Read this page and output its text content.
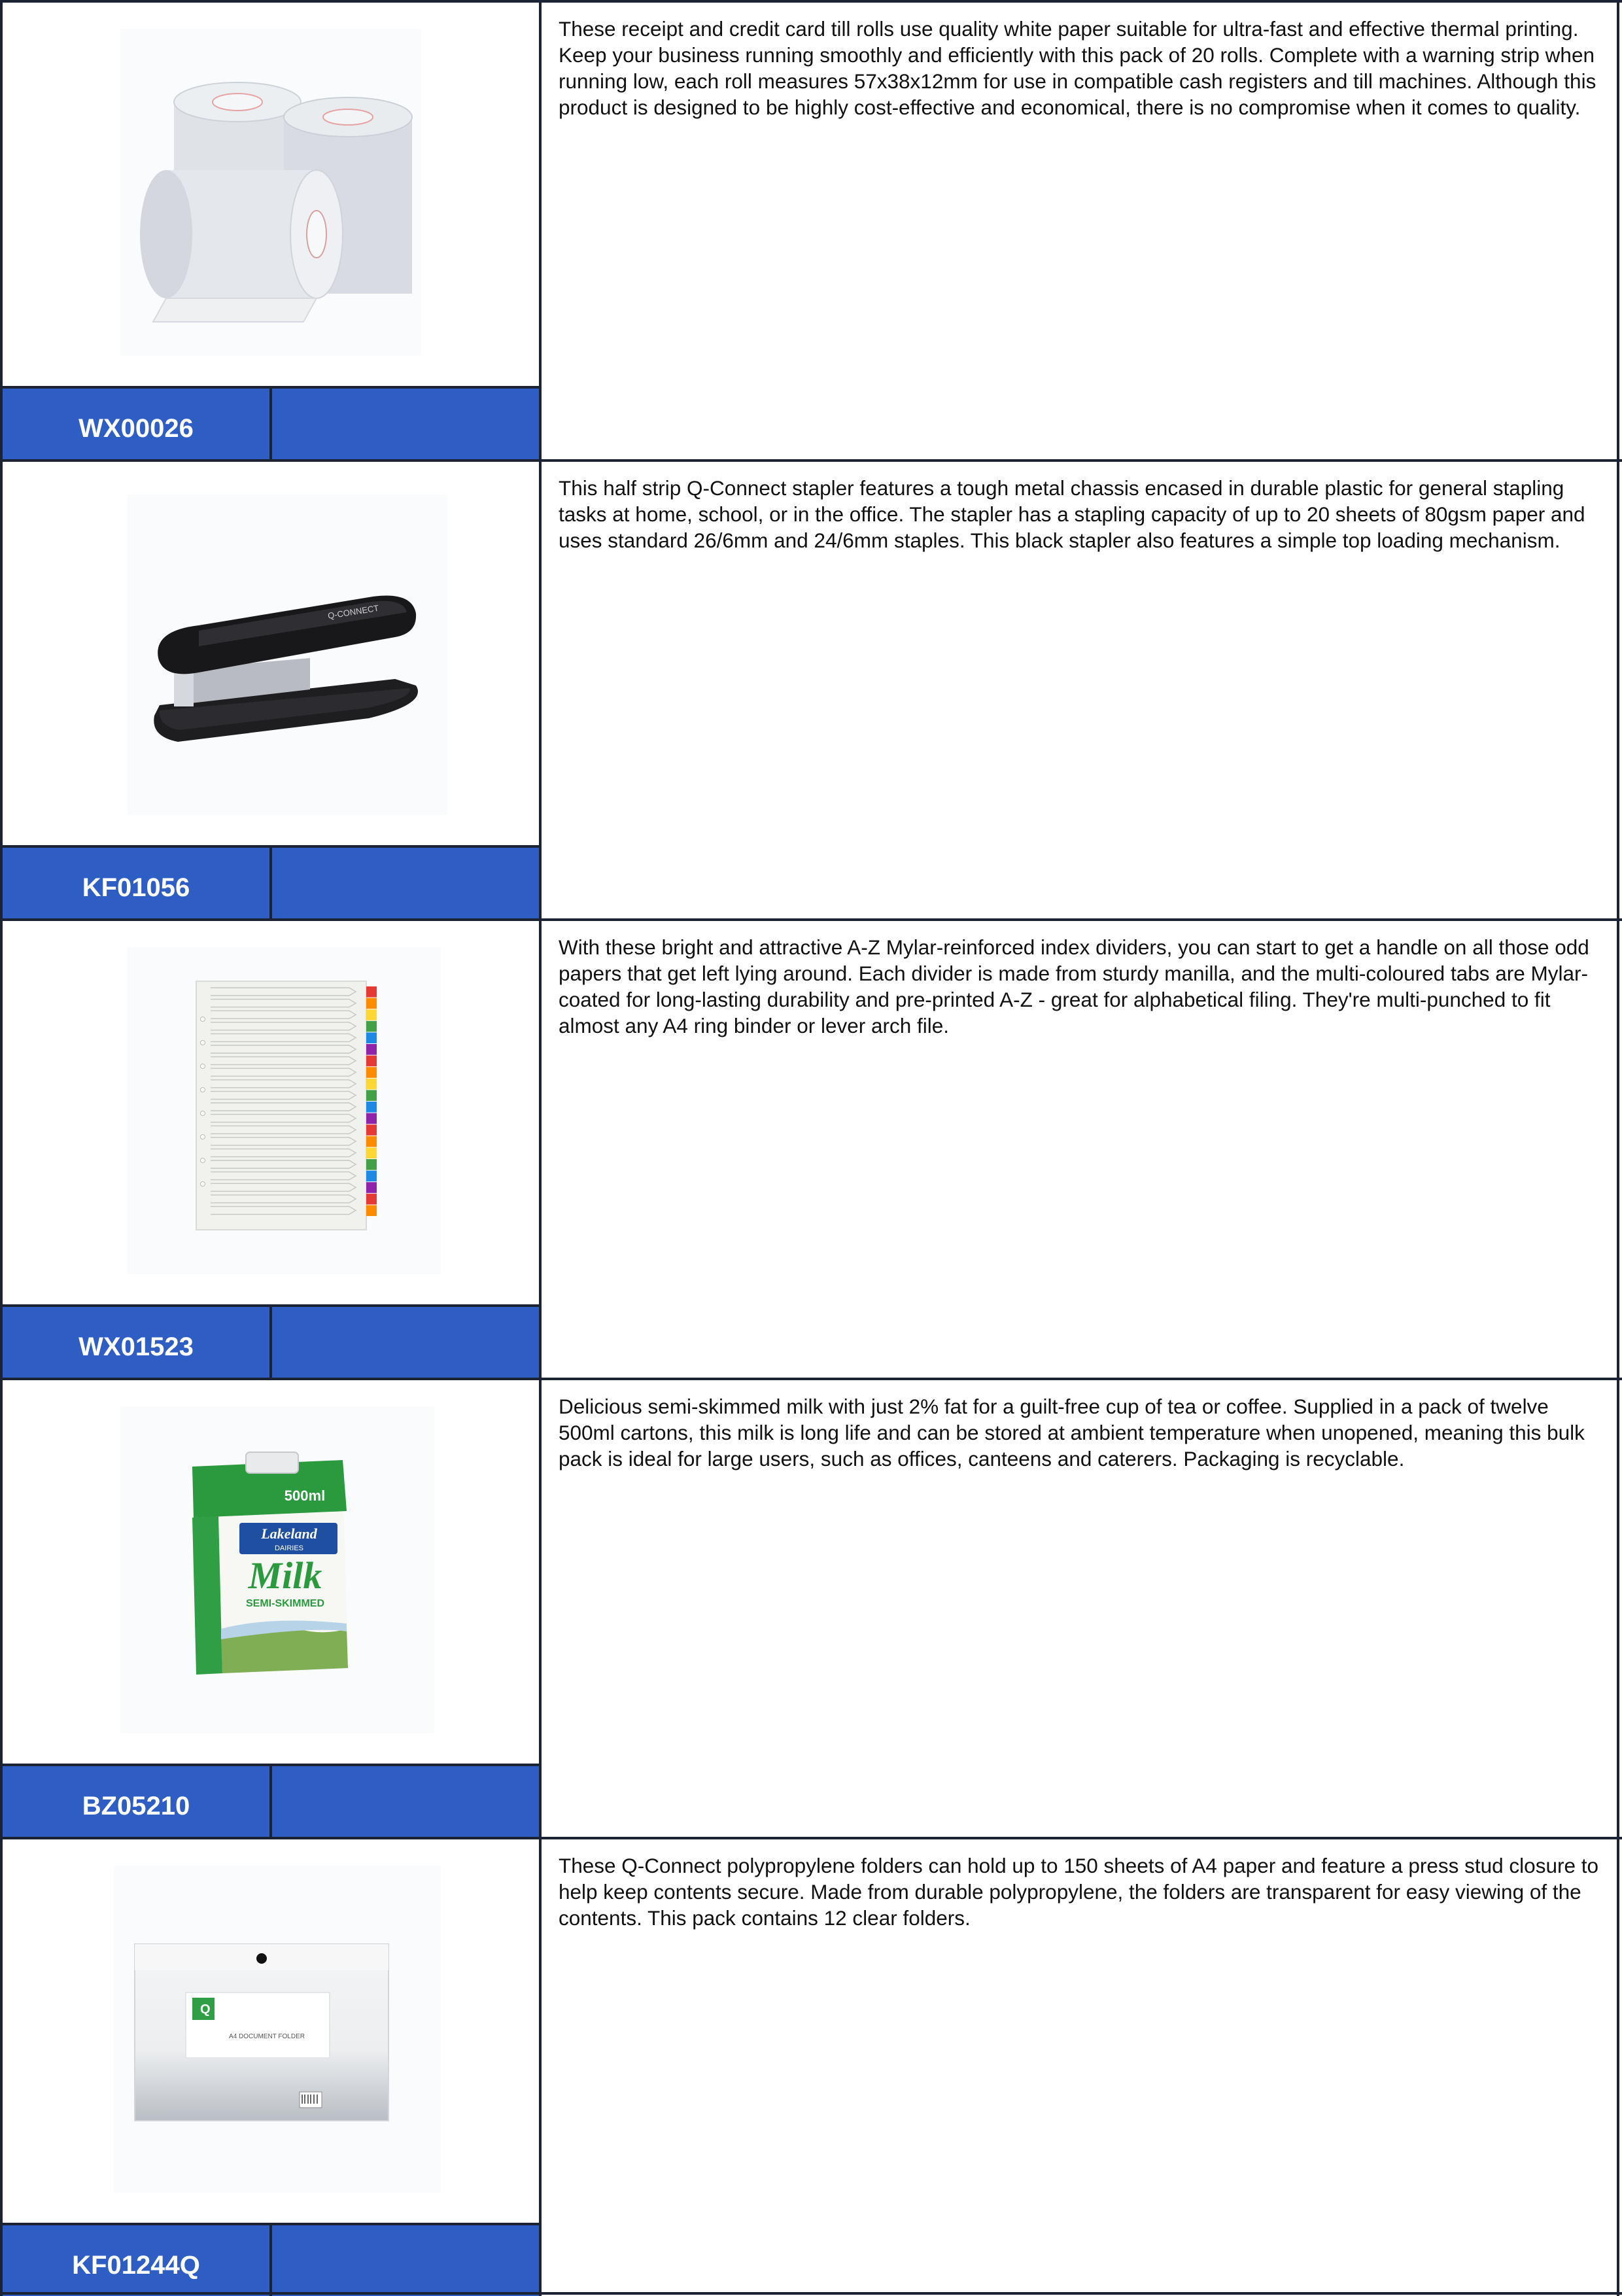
WX00026
These receipt and credit card till rolls use quality white paper suitable for ultra-fast and effective thermal printing. Keep your business running smoothly and efficiently with this pack of 20 rolls. Complete with a warning strip when running low, each roll measures 57x38x12mm for use in compatible cash registers and till machines. Although this product is designed to be highly cost-effective and economical, there is no compromise when it comes to quality.
Q-CONNECT
KF01056
This half strip Q-Connect stapler features a tough metal chassis encased in durable plastic for general stapling tasks at home, school, or in the office. The stapler has a stapling capacity of up to 20 sheets of 80gsm paper and uses standard 26/6mm and 24/6mm staples. This black stapler also features a simple top loading mechanism.
WX01523
With these bright and attractive A-Z Mylar-reinforced index dividers, you can start to get a handle on all those odd papers that get left lying around. Each divider is made from sturdy manilla, and the multi-coloured tabs are Mylar-coated for long-lasting durability and pre-printed A-Z - great for alphabetical filing. They're multi-punched to fit almost any A4 ring binder or lever arch file.
500ml
Lakeland
DAIRIES
Milk
SEMI-SKIMMED
BZ05210
Delicious semi-skimmed milk with just 2% fat for a guilt-free cup of tea or coffee. Supplied in a pack of twelve 500ml cartons, this milk is long life and can be stored at ambient temperature when unopened, meaning this bulk pack is ideal for large users, such as offices, canteens and caterers. Packaging is recyclable.
Q
A4 DOCUMENT FOLDER
KF01244Q
These Q-Connect polypropylene folders can hold up to 150 sheets of A4 paper and feature a press stud closure to help keep contents secure. Made from durable polypropylene, the folders are transparent for easy viewing of the contents. This pack contains 12 clear folders.
